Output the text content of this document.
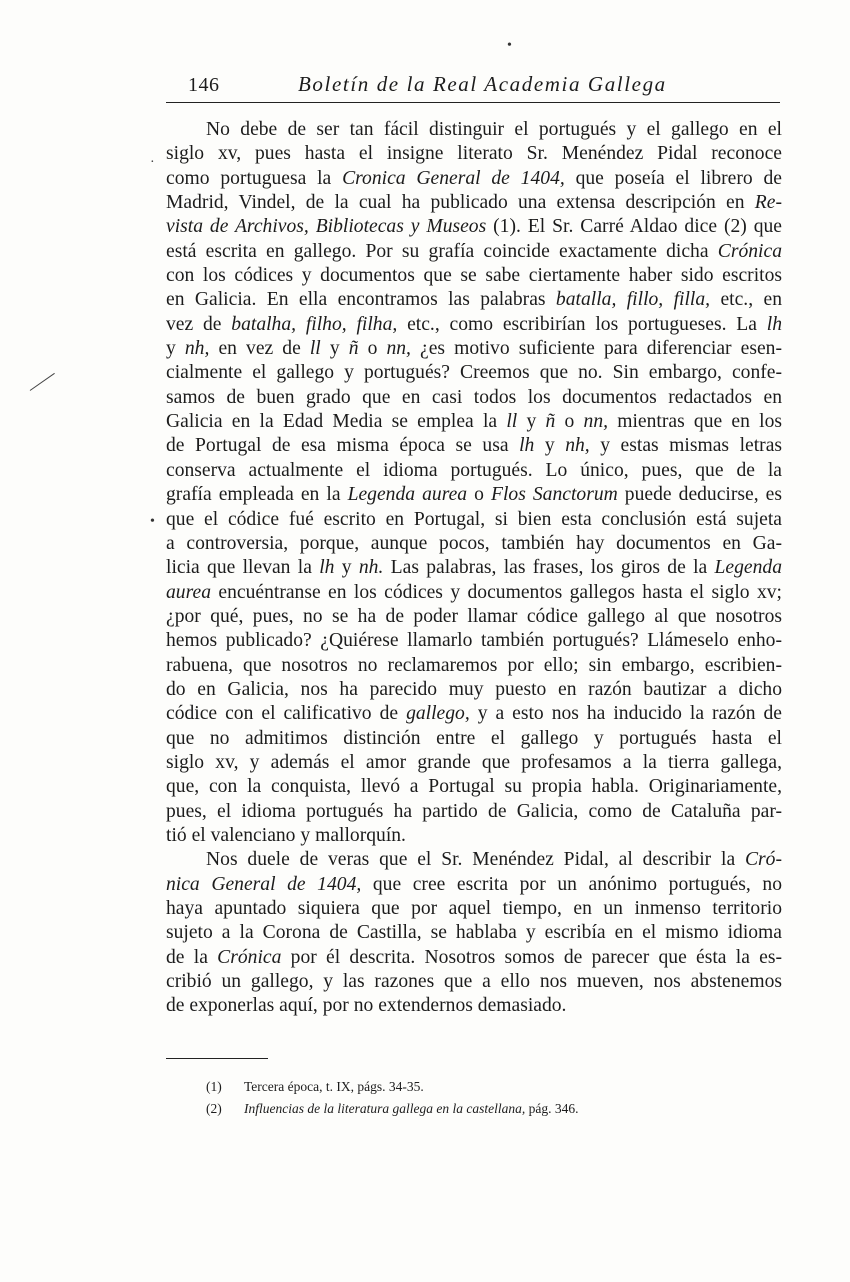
146	Boletín de la Real Academia Gallega

No debe de ser tan fácil distinguir el portugués y el gallego en el
siglo xv, pues hasta el insigne literato Sr. Menéndez Pidal reconoce
como portuguesa la Cronica General de 1404, que poseía el librero de
Madrid, Vindel, de la cual ha publicado una extensa descripción en Re-
vista de Archivos, Bibliotecas y Museos (1). El Sr. Carré Aldao dice (2) que
está escrita en gallego. Por su grafía coincide exactamente dicha Crónica
con los códices y documentos que se sabe ciertamente haber sido escritos
en Galicia. En ella encontramos las palabras batalla, fillo, filla, etc., en
vez de batalha, filho, filha, etc., como escribirían los portugueses. La lh
y nh, en vez de ll y ñ o nn, ¿es motivo suficiente para diferenciar esen-
cialmente el gallego y portugués? Creemos que no. Sin embargo, confe-
samos de buen grado que en casi todos los documentos redactados en
Galicia en la Edad Media se emplea la ll y ñ o nn, mientras que en los
de Portugal de esa misma época se usa lh y nh, y estas mismas letras
conserva actualmente el idioma portugués. Lo único, pues, que de la
grafía empleada en la Legenda aurea o Flos Sanctorum puede deducirse, es
que el códice fué escrito en Portugal, si bien esta conclusión está sujeta
a controversia, porque, aunque pocos, también hay documentos en Ga-
licia que llevan la lh y nh. Las palabras, las frases, los giros de la Legenda
aurea encuéntranse en los códices y documentos gallegos hasta el siglo xv;
¿por qué, pues, no se ha de poder llamar códice gallego al que nosotros
hemos publicado? ¿Quiérese llamarlo también portugués? Llámeselo enho-
rabuena, que nosotros no reclamaremos por ello; sin embargo, escribien-
do en Galicia, nos ha parecido muy puesto en razón bautizar a dicho
códice con el calificativo de gallego, y a esto nos ha inducido la razón de
que no admitimos distinción entre el gallego y portugués hasta el
siglo xv, y además el amor grande que profesamos a la tierra gallega,
que, con la conquista, llevó a Portugal su propia habla. Originariamente,
pues, el idioma portugués ha partido de Galicia, como de Cataluña par-
tió el valenciano y mallorquín.

Nos duele de veras que el Sr. Menéndez Pidal, al describir la Cró-
nica General de 1404, que cree escrita por un anónimo portugués, no
haya apuntado siquiera que por aquel tiempo, en un inmenso territorio
sujeto a la Corona de Castilla, se hablaba y escribía en el mismo idioma
de la Crónica por él descrita. Nosotros somos de parecer que ésta la es-
cribió un gallego, y las razones que a ello nos mueven, nos abstenemos
de exponerlas aquí, por no extendernos demasiado.

(1) Tercera época, t. IX, págs. 34-35.
(2) Influencias de la literatura gallega en la castellana, pág. 346.
•
·
•
